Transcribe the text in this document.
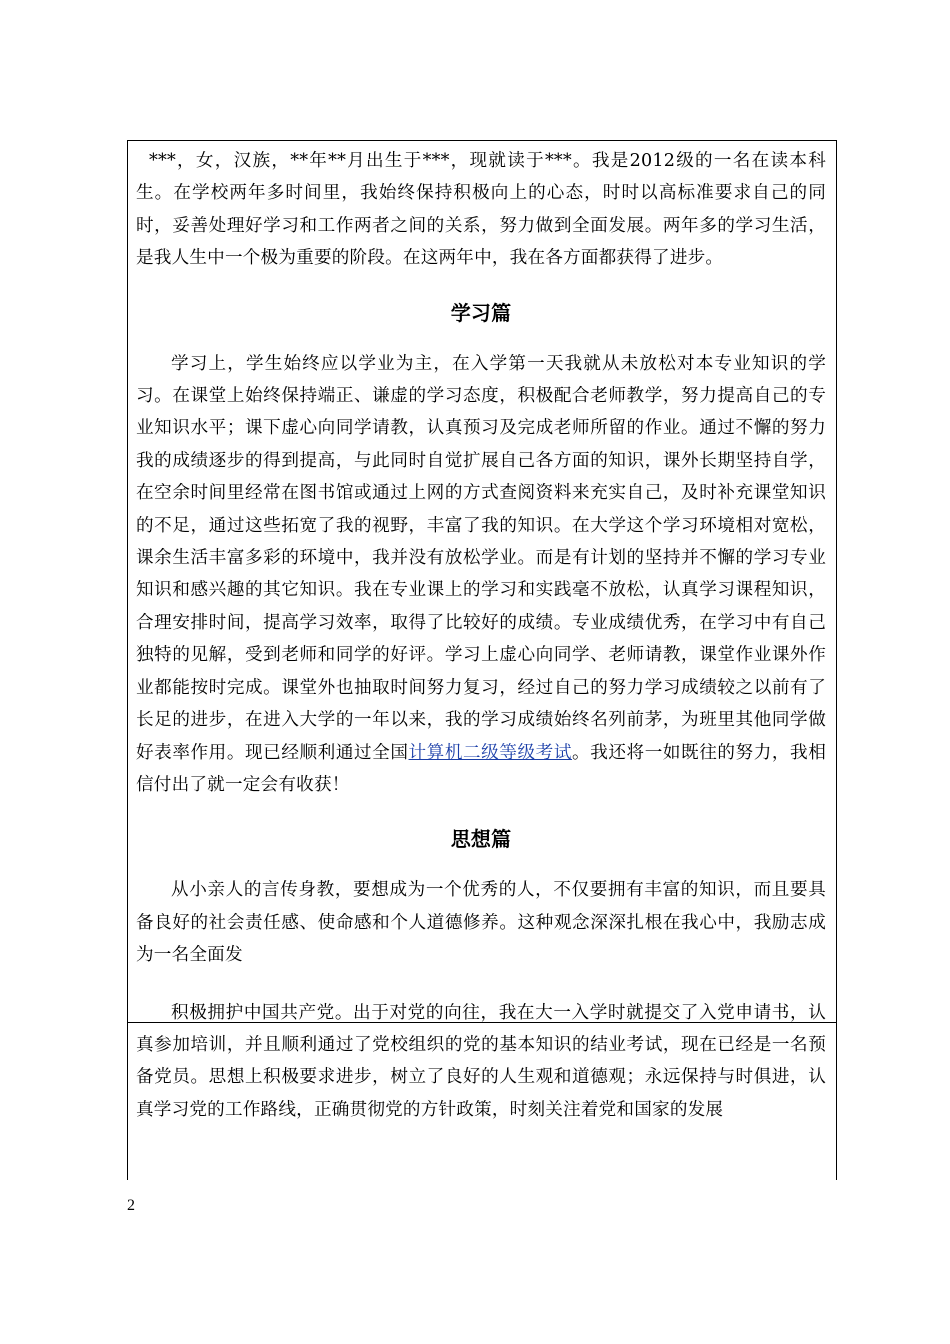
***，女，汉族，**年**月出生于***，现就读于***。我是2012级的一名在读本科生。在学校两年多时间里，我始终保持积极向上的心态，时时以高标准要求自己的同时，妥善处理好学习和工作两者之间的关系，努力做到全面发展。两年多的学习生活，是我人生中一个极为重要的阶段。在这两年中，我在各方面都获得了进步。

学习篇

学习上，学生始终应以学业为主，在入学第一天我就从未放松对本专业知识的学习。在课堂上始终保持端正、谦虚的学习态度，积极配合老师教学，努力提高自己的专业知识水平；课下虚心向同学请教，认真预习及完成老师所留的作业。通过不懈的努力我的成绩逐步的得到提高，与此同时自觉扩展自己各方面的知识，课外长期坚持自学，在空余时间里经常在图书馆或通过上网的方式查阅资料来充实自己，及时补充课堂知识的不足，通过这些拓宽了我的视野，丰富了我的知识。在大学这个学习环境相对宽松，课余生活丰富多彩的环境中，我并没有放松学业。而是有计划的坚持并不懈的学习专业知识和感兴趣的其它知识。我在专业课上的学习和实践毫不放松，认真学习课程知识，合理安排时间，提高学习效率，取得了比较好的成绩。专业成绩优秀，在学习中有自己独特的见解，受到老师和同学的好评。学习上虚心向同学、老师请教，课堂作业课外作业都能按时完成。课堂外也抽取时间努力复习，经过自己的努力学习成绩较之以前有了长足的进步，在进入大学的一年以来，我的学习成绩始终名列前茅，为班里其他同学做好表率作用。现已经顺利通过全国计算机二级等级考试。我还将一如既往的努力，我相信付出了就一定会有收获！

思想篇

从小亲人的言传身教，要想成为一个优秀的人，不仅要拥有丰富的知识，而且要具备良好的社会责任感、使命感和个人道德修养。这种观念深深扎根在我心中，我励志成为一名全面发

积极拥护中国共产党。出于对党的向往，我在大一入学时就提交了入党申请书，认真参加培训，并且顺利通过了党校组织的党的基本知识的结业考试，现在已经是一名预备党员。思想上积极要求进步，树立了良好的人生观和道德观；永远保持与时俱进，认真学习党的工作路线，正确贯彻党的方针政策，时刻关注着党和国家的发展

2
